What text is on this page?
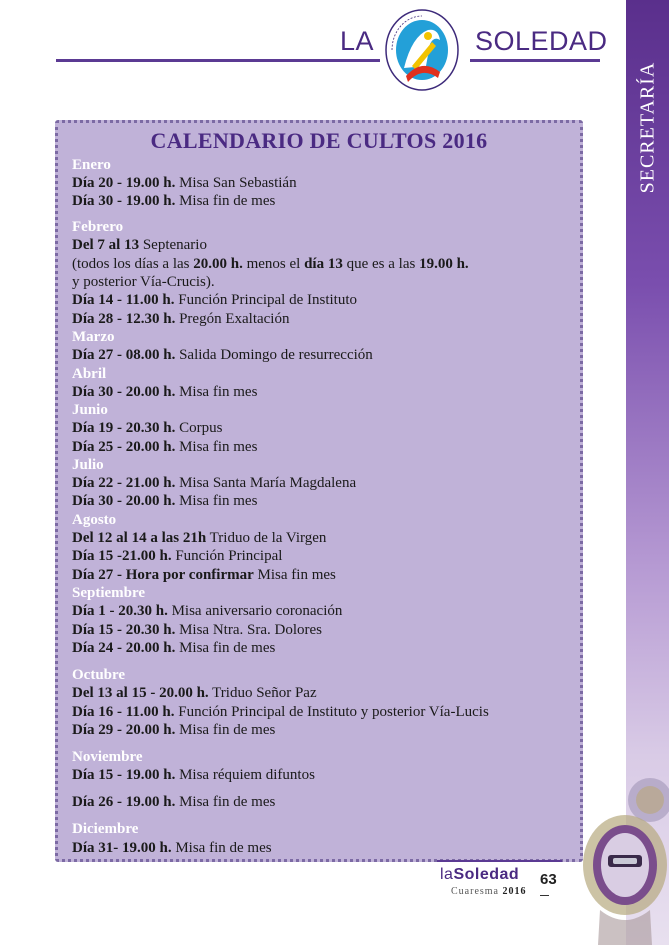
LA	SOLEDAD
SECRETARÍA
CALENDARIO DE CULTOS 2016
Enero
Día 20 - 19.00 h. Misa San Sebastián
Día 30 - 19.00 h. Misa fin de mes
Febrero
Del 7 al 13 Septenario
(todos los días a las 20.00 h. menos el día 13 que es a las 19.00 h.
y posterior Vía-Crucis).
Día 14 - 11.00 h. Función Principal de Instituto
Día 28 - 12.30 h. Pregón Exaltación
Marzo
Día 27 - 08.00 h. Salida Domingo de resurrección
Abril
Día 30 - 20.00 h. Misa fin mes
Junio
Día 19 - 20.30 h. Corpus
Día 25 - 20.00 h. Misa fin mes
Julio
Día 22 - 21.00 h. Misa Santa María Magdalena
Día 30 - 20.00 h. Misa fin mes
Agosto
Del 12 al 14 a las 21h Triduo de la Virgen
Día 15 -21.00 h. Función Principal
Día 27 - Hora por confirmar Misa fin mes
Septiembre
Día 1 - 20.30 h. Misa aniversario coronación
Día 15 - 20.30 h. Misa Ntra. Sra. Dolores
Día 24 - 20.00 h. Misa fin de mes
Octubre
Del 13 al 15 - 20.00 h. Triduo Señor Paz
Día 16 - 11.00 h. Función Principal de Instituto y posterior Vía-Lucis
Día 29 - 20.00 h. Misa fin de mes
Noviembre
Día 15 - 19.00 h. Misa réquiem difuntos
Día 26 - 19.00 h. Misa fin de mes
Diciembre
Día 31- 19.00 h. Misa fin de mes
laSoledad
Cuaresma 2016
63
